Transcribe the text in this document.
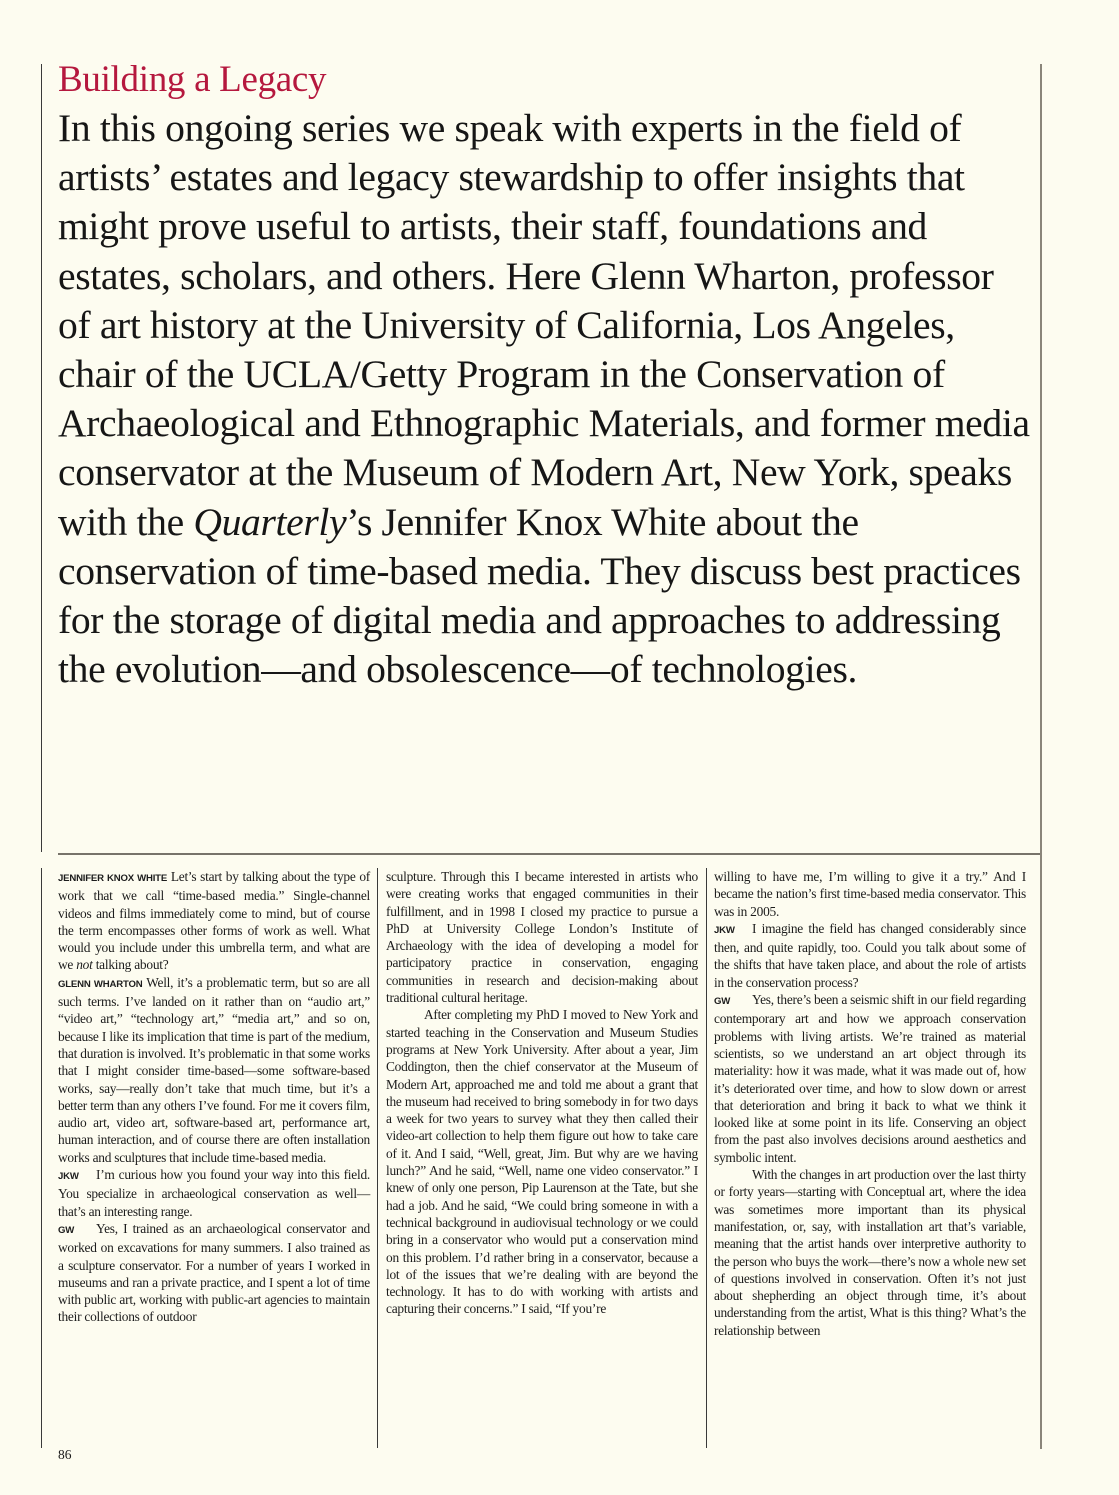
Building a Legacy

In this ongoing series we speak with experts in the field of artists’ estates and legacy stewardship to offer insights that might prove useful to artists, their staff, foundations and estates, scholars, and others. Here Glenn Wharton, professor of art history at the University of California, Los Angeles, chair of the UCLA/Getty Program in the Conservation of Archaeological and Ethnographic Materials, and former media conservator at the Museum of Modern Art, New York, speaks with the Quarterly’s Jennifer Knox White about the conservation of time-based media. They discuss best practices for the storage of digital media and approaches to addressing the evolution—and obsolescence—of technologies.

JENNIFER KNOX WHITE Let’s start by talking about the type of work that we call “time-based media.” Single-channel videos and films immediately come to mind, but of course the term encompasses other forms of work as well. What would you include under this umbrella term, and what are we not talking about?

GLENN WHARTON Well, it’s a problematic term, but so are all such terms. I’ve landed on it rather than on “audio art,” “video art,” “technology art,” “media art,” and so on, because I like its implication that time is part of the medium, that duration is involved. It’s problematic in that some works that I might consider time-based—some software-based works, say—really don’t take that much time, but it’s a better term than any others I’ve found. For me it covers film, audio art, video art, software-based art, performance art, human interaction, and of course there are often installation works and sculptures that include time-based media.

JKW I’m curious how you found your way into this field. You specialize in archaeological conservation as well—that’s an interesting range.

GW Yes, I trained as an archaeological conservator and worked on excavations for many summers. I also trained as a sculpture conservator. For a number of years I worked in museums and ran a private practice, and I spent a lot of time with public art, working with public-art agencies to maintain their collections of outdoor

sculpture. Through this I became interested in artists who were creating works that engaged communities in their fulfillment, and in 1998 I closed my practice to pursue a PhD at University College London’s Institute of Archaeology with the idea of developing a model for participatory practice in conservation, engaging communities in research and decision-making about traditional cultural heritage.

After completing my PhD I moved to New York and started teaching in the Conservation and Museum Studies programs at New York University. After about a year, Jim Coddington, then the chief conservator at the Museum of Modern Art, approached me and told me about a grant that the museum had received to bring somebody in for two days a week for two years to survey what they then called their video-art collection to help them figure out how to take care of it. And I said, “Well, great, Jim. But why are we having lunch?” And he said, “Well, name one video conservator.” I knew of only one person, Pip Laurenson at the Tate, but she had a job. And he said, “We could bring someone in with a technical background in audiovisual technology or we could bring in a conservator who would put a conservation mind on this problem. I’d rather bring in a conservator, because a lot of the issues that we’re dealing with are beyond the technology. It has to do with working with artists and capturing their concerns.” I said, “If you’re

willing to have me, I’m willing to give it a try.” And I became the nation’s first time-based media conservator. This was in 2005.

JKW I imagine the field has changed considerably since then, and quite rapidly, too. Could you talk about some of the shifts that have taken place, and about the role of artists in the conservation process?

GW Yes, there’s been a seismic shift in our field regarding contemporary art and how we approach conservation problems with living artists. We’re trained as material scientists, so we understand an art object through its materiality: how it was made, what it was made out of, how it’s deteriorated over time, and how to slow down or arrest that deterioration and bring it back to what we think it looked like at some point in its life. Conserving an object from the past also involves decisions around aesthetics and symbolic intent.

With the changes in art production over the last thirty or forty years—starting with Conceptual art, where the idea was sometimes more important than its physical manifestation, or, say, with installation art that’s variable, meaning that the artist hands over interpretive authority to the person who buys the work—there’s now a whole new set of questions involved in conservation. Often it’s not just about shepherding an object through time, it’s about understanding from the artist, What is this thing? What’s the relationship between

86
